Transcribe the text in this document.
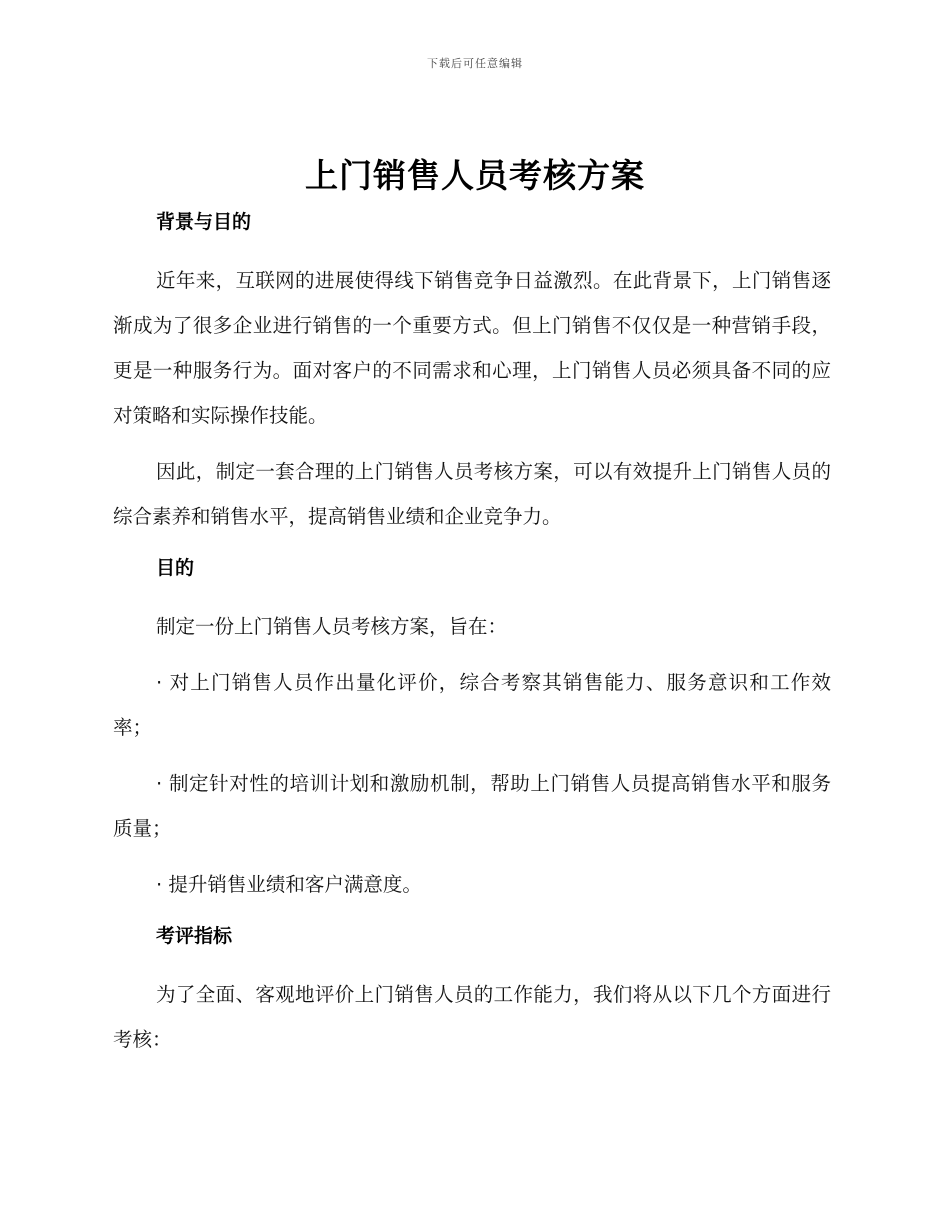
下载后可任意编辑
上门销售人员考核方案
背景与目的

近年来，互联网的进展使得线下销售竞争日益激烈。在此背景下，上门销售逐渐成为了很多企业进行销售的一个重要方式。但上门销售不仅仅是一种营销手段，更是一种服务行为。面对客户的不同需求和心理，上门销售人员必须具备不同的应对策略和实际操作技能。

因此，制定一套合理的上门销售人员考核方案，可以有效提升上门销售人员的综合素养和销售水平，提高销售业绩和企业竞争力。

目的

制定一份上门销售人员考核方案，旨在：

· 对上门销售人员作出量化评价，综合考察其销售能力、服务意识和工作效率；

· 制定针对性的培训计划和激励机制，帮助上门销售人员提高销售水平和服务质量；

· 提升销售业绩和客户满意度。

考评指标

为了全面、客观地评价上门销售人员的工作能力，我们将从以下几个方面进行考核：
